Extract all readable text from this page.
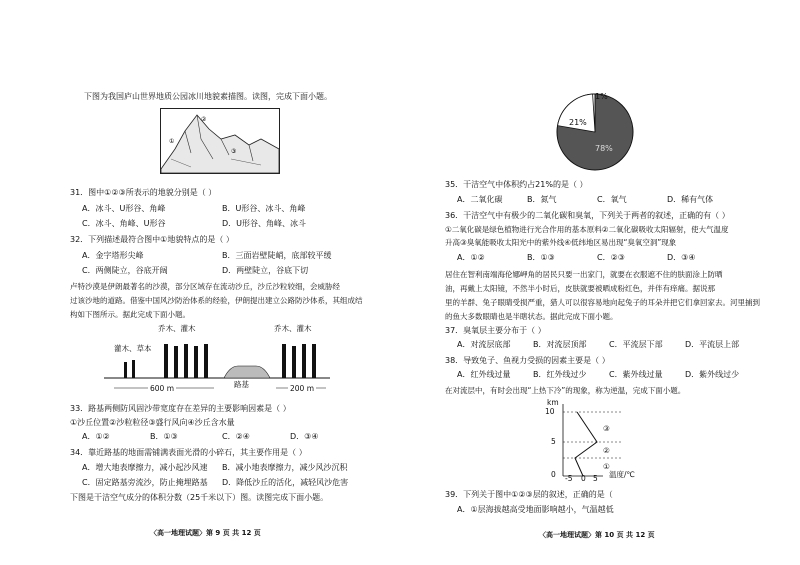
下图为我国庐山世界地质公园冰川地貌素描图。读图，完成下面小题。
①
②
③
31．图中①②③所表示的地貌分别是（ ）
A．冰斗、U形谷、角峰	B．U形谷、冰斗、角峰
C．冰斗、角峰、U形谷	D．U形谷、角峰、冰斗
32．下列描述最符合图中①地貌特点的是（ ）
A．金字塔形尖峰	B．三面岩壁陡峭，底部较平缓
C．两侧陡立，谷底开阔	D．两壁陡立，谷底下切
卢特沙漠是伊朗最著名的沙漠，部分区域存在流动沙丘，沙丘沙粒较细，会威胁经
过该沙地的道路。借鉴中国风沙防治体系的经验，伊朗提出建立公路防沙体系，其组成结
构如下图所示。据此完成下面小题。
乔木、灌木	乔木、灌木
灌木、草本
路基
600 m	200 m
33．路基两侧防风固沙带宽度存在差异的主要影响因素是（ ）
①沙丘位置②沙粒粒径③盛行风向④沙丘含水量
A．①②	B．①③	C．②④	D．③④
34．靠近路基的地面需铺满表面光滑的小碎石，其主要作用是（ ）
A．增大地表摩擦力，减小起沙风速 B．减小地表摩擦力，减少风沙沉积
C．固定路基旁流沙，防止掩埋路基 D．降低沙丘的活化，减轻风沙危害
下图是干洁空气成分的体积分数（25千米以下）图。读图完成下面小题。
〈高一地理试题〉第 9 页 共 12 页
1%
21%
78%
35．干洁空气中体积约占21%的是（ ）
A．二氧化碳	B．氮气	C．氧气	D．稀有气体
36．干洁空气中有极少的二氧化碳和臭氧，下列关于两者的叙述，正确的有（ ）
①二氧化碳是绿色植物进行光合作用的基本原料②二氧化碳吸收太阳辐射，使大气温度
升高③臭氧能吸收太阳光中的紫外线④低纬地区易出现“臭氧空洞”现象
A．①②	B．①③	C．②③	D．③④
居住在智利南端海伦娜岬角的居民只要一出家门，就要在衣服遮不住的肤面涂上防晒
油，再戴上太阳镜，不然半小时后，皮肤就要被晒成粉红色，并伴有痒痛。据说那
里的羊群、兔子眼睛受损严重，猎人可以很容易地向起兔子的耳朵并把它们拿回家去。河里捕到
的鱼大多数眼睛也是半瞎状态。据此完成下面小题。
37．臭氧层主要分布于（ ）
A．对流层底部	B．对流层顶部	C．平流层下部	D．平流层上部
38．导致兔子、鱼视力受损的因素主要是（ ）
A．红外线过量	B．红外线过少	C．紫外线过量	D．紫外线过少
在对流层中，有时会出现“上热下冷”的现象，称为逆温，完成下面小题。
km
10
5
0
③
②
①
-5 0 5 温度/℃
39．下列关于图中①②③层的叙述，正确的是（
A．①层海拔越高受地面影响越小，气温越低
〈高一地理试题〉第 10 页 共 12 页
